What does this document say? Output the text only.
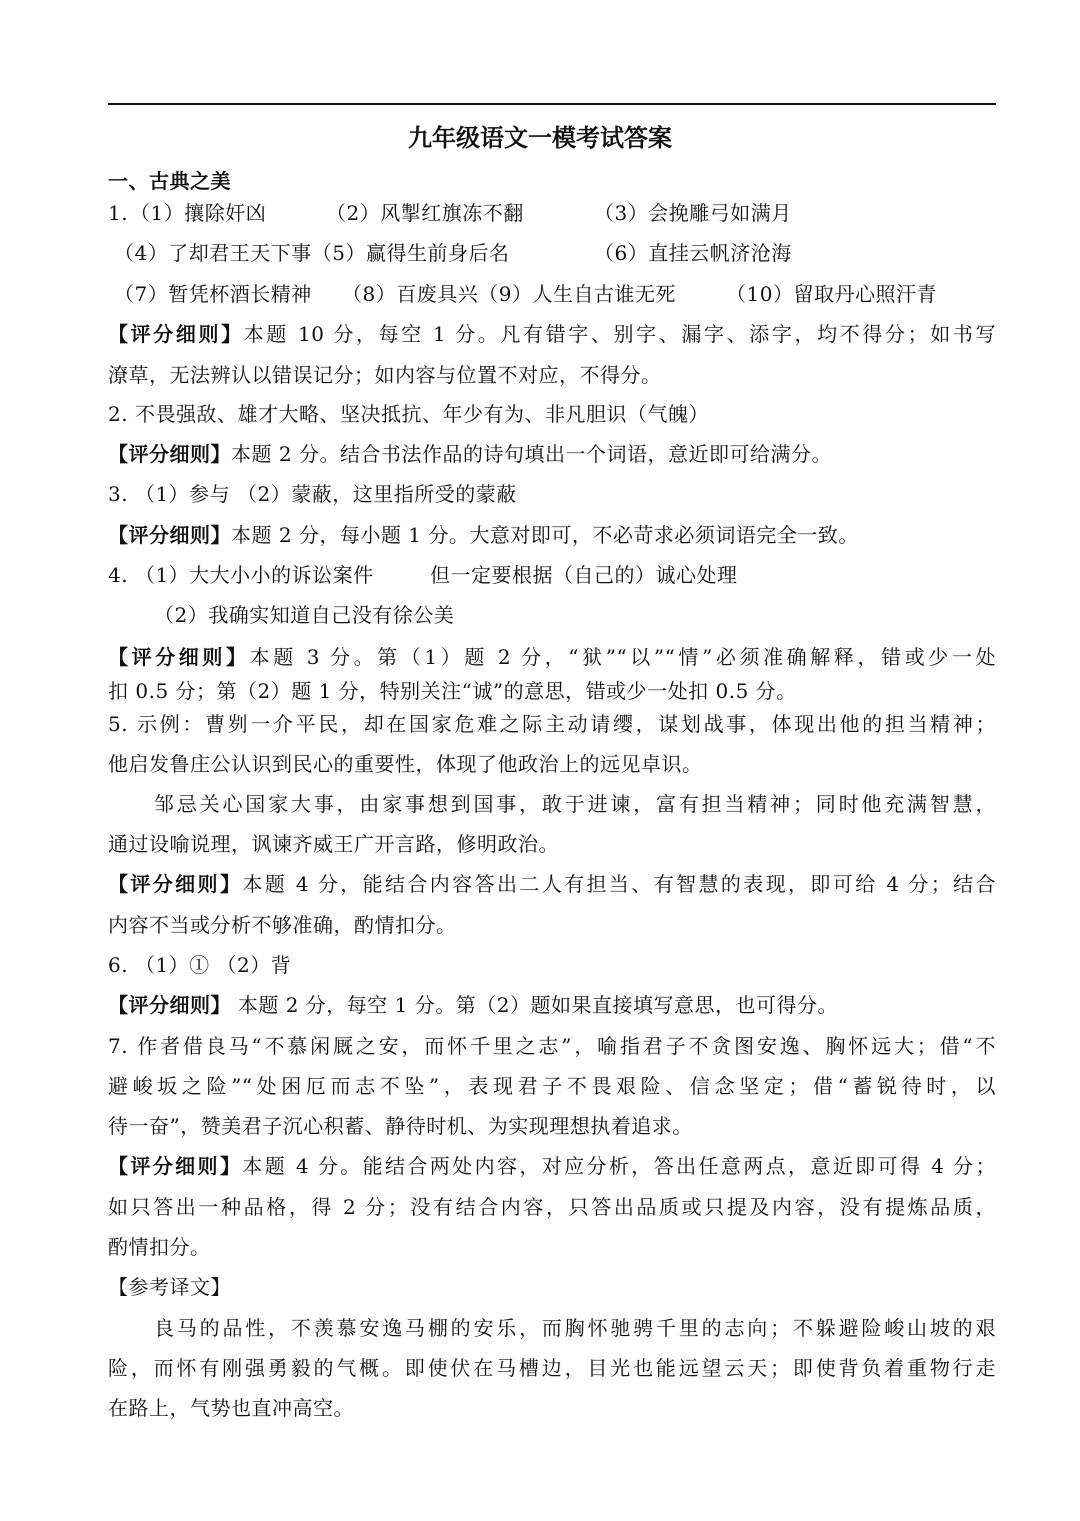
九年级语文一模考试答案
一、古典之美
1. （1）攘除奸凶	（2）风掣红旗冻不翻	（3）会挽雕弓如满月
（4）了却君王天下事（5）赢得生前身后名	（6）直挂云帆济沧海
（7）暂凭杯酒长精神 （8）百废具兴（9）人生自古谁无死	（10）留取丹心照汗青
【评分细则】本题 10 分，每空 1 分。凡有错字、别字、漏字、添字，均不得分；如书写
潦草，无法辨认以错误记分；如内容与位置不对应，不得分。
2. 不畏强敌、雄才大略、坚决抵抗、年少有为、非凡胆识（气魄）
【评分细则】本题 2 分。结合书法作品的诗句填出一个词语，意近即可给满分。
3. （1）参与 （2）蒙蔽，这里指所受的蒙蔽
【评分细则】本题 2 分，每小题 1 分。大意对即可，不必苛求必须词语完全一致。
4. （1）大大小小的诉讼案件	但一定要根据（自己的）诚心处理
（2）我确实知道自己没有徐公美
【评分细则】本题 3 分。第（1）题 2 分，“狱”“以”“情”必须准确解释，错或少一处
扣 0.5 分；第（2）题 1 分，特别关注“诚”的意思，错或少一处扣 0.5 分。
5. 示例：曹刿一介平民，却在国家危难之际主动请缨，谋划战事，体现出他的担当精神；
他启发鲁庄公认识到民心的重要性，体现了他政治上的远见卓识。
邹忌关心国家大事，由家事想到国事，敢于进谏，富有担当精神；同时他充满智慧，
通过设喻说理，讽谏齐威王广开言路，修明政治。
【评分细则】本题 4 分，能结合内容答出二人有担当、有智慧的表现，即可给 4 分；结合
内容不当或分析不够准确，酌情扣分。
6. （1）① （2）背
【评分细则】 本题 2 分，每空 1 分。第（2）题如果直接填写意思，也可得分。
7. 作者借良马“不慕闲厩之安，而怀千里之志”，喻指君子不贪图安逸、胸怀远大；借“不
避峻坂之险”“处困厄而志不坠”，表现君子不畏艰险、信念坚定；借“蓄锐待时，以
待一奋”，赞美君子沉心积蓄、静待时机、为实现理想执着追求。
【评分细则】本题 4 分。能结合两处内容，对应分析，答出任意两点，意近即可得 4 分；
如只答出一种品格，得 2 分；没有结合内容，只答出品质或只提及内容，没有提炼品质，
酌情扣分。
【参考译文】
良马的品性，不羡慕安逸马棚的安乐，而胸怀驰骋千里的志向；不躲避险峻山坡的艰
险，而怀有刚强勇毅的气概。即使伏在马槽边，目光也能远望云天；即使背负着重物行走
在路上，气势也直冲高空。
